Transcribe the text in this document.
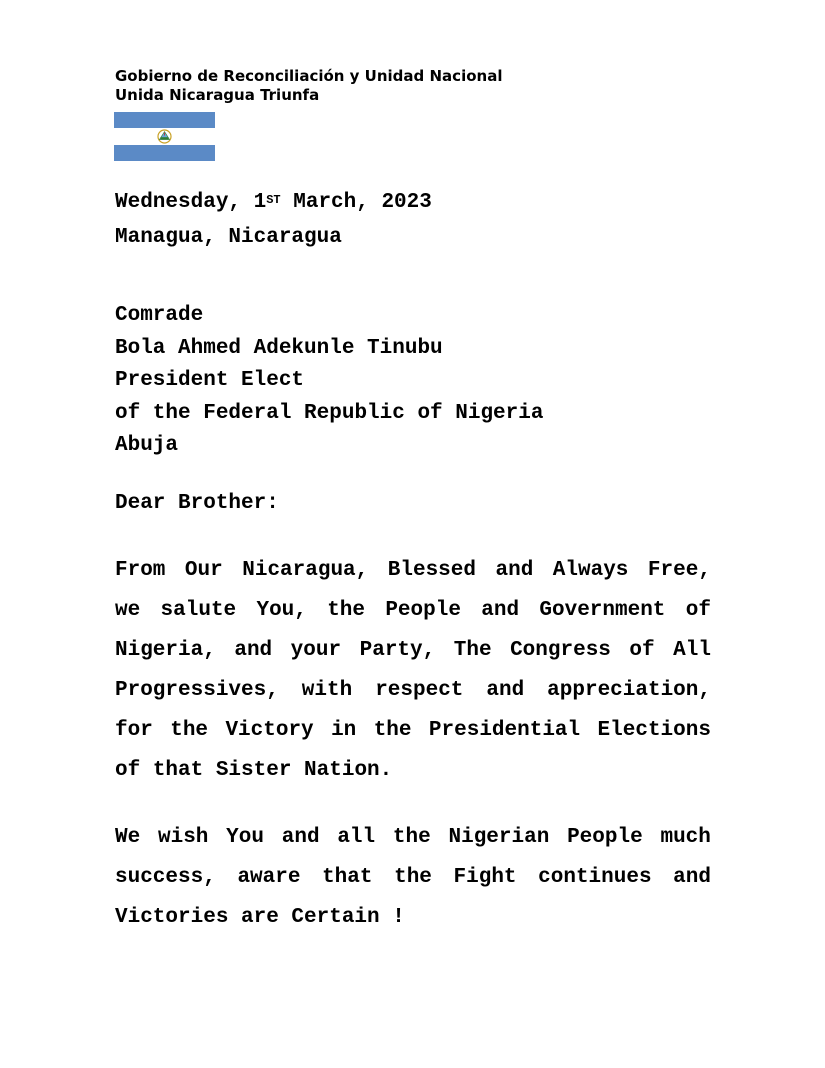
Gobierno de Reconciliación y Unidad Nacional
Unida Nicaragua Triunfa
Wednesday, 1ST March, 2023
Managua, Nicaragua
Comrade
Bola Ahmed Adekunle Tinubu
President Elect
of the Federal Republic of Nigeria
Abuja
Dear Brother:
From Our Nicaragua, Blessed and Always Free,
we salute You, the People and Government of
Nigeria, and your Party, The Congress of All
Progressives, with respect and appreciation,
for the Victory in the Presidential Elections
of that Sister Nation.
We wish You and all the Nigerian People much
success, aware that the Fight continues and
Victories are Certain !
